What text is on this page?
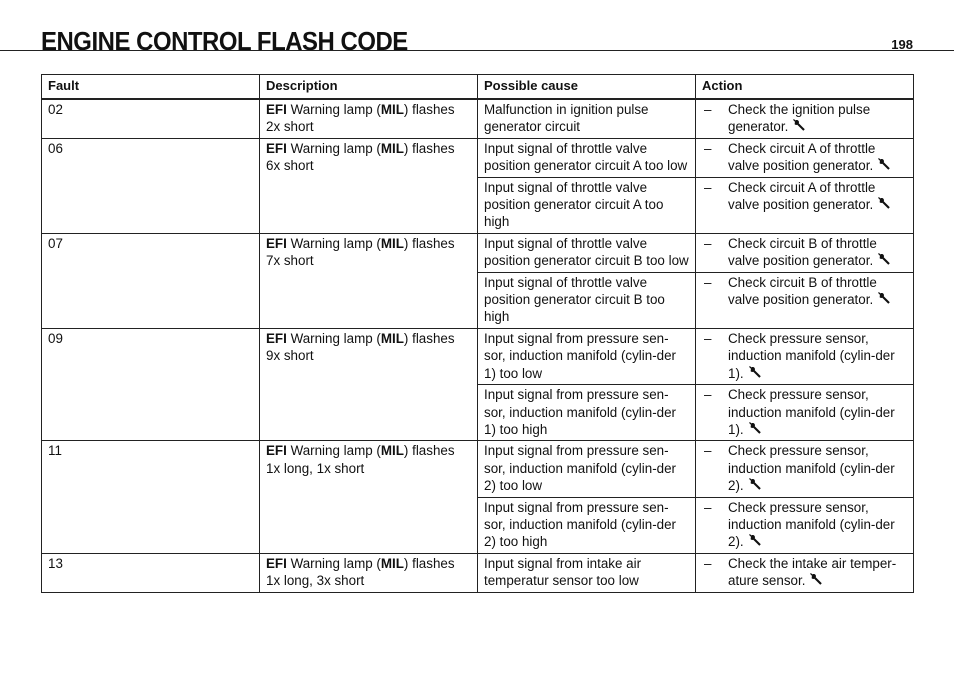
ENGINE CONTROL FLASH CODE	198
Fault	Description	Possible cause	Action
02	EFI Warning lamp (MIL) flashes 2x short	Malfunction in ignition pulse generator circuit	– Check the ignition pulse generator.

06	EFI Warning lamp (MIL) flashes 6x short	Input signal of throttle valve position generator circuit A too low	– Check circuit A of throttle valve position generator.

		Input signal of throttle valve position generator circuit A too high	– Check circuit A of throttle valve position generator.

07	EFI Warning lamp (MIL) flashes 7x short	Input signal of throttle valve position generator circuit B too low	– Check circuit B of throttle valve position generator.

		Input signal of throttle valve position generator circuit B too high	– Check circuit B of throttle valve position generator.

09	EFI Warning lamp (MIL) flashes 9x short	Input signal from pressure sen-sor, induction manifold (cylin-der 1) too low	– Check pressure sensor, induction manifold (cylin-der 1).

		Input signal from pressure sen-sor, induction manifold (cylin-der 1) too high	– Check pressure sensor, induction manifold (cylin-der 1).

11	EFI Warning lamp (MIL) flashes 1x long, 1x short	Input signal from pressure sen-sor, induction manifold (cylin-der 2) too low	– Check pressure sensor, induction manifold (cylin-der 2).

		Input signal from pressure sen-sor, induction manifold (cylin-der 2) too high	– Check pressure sensor, induction manifold (cylin-der 2).

13	EFI Warning lamp (MIL) flashes 1x long, 3x short	Input signal from intake air temperatur sensor too low	– Check the intake air temper-ature sensor.
